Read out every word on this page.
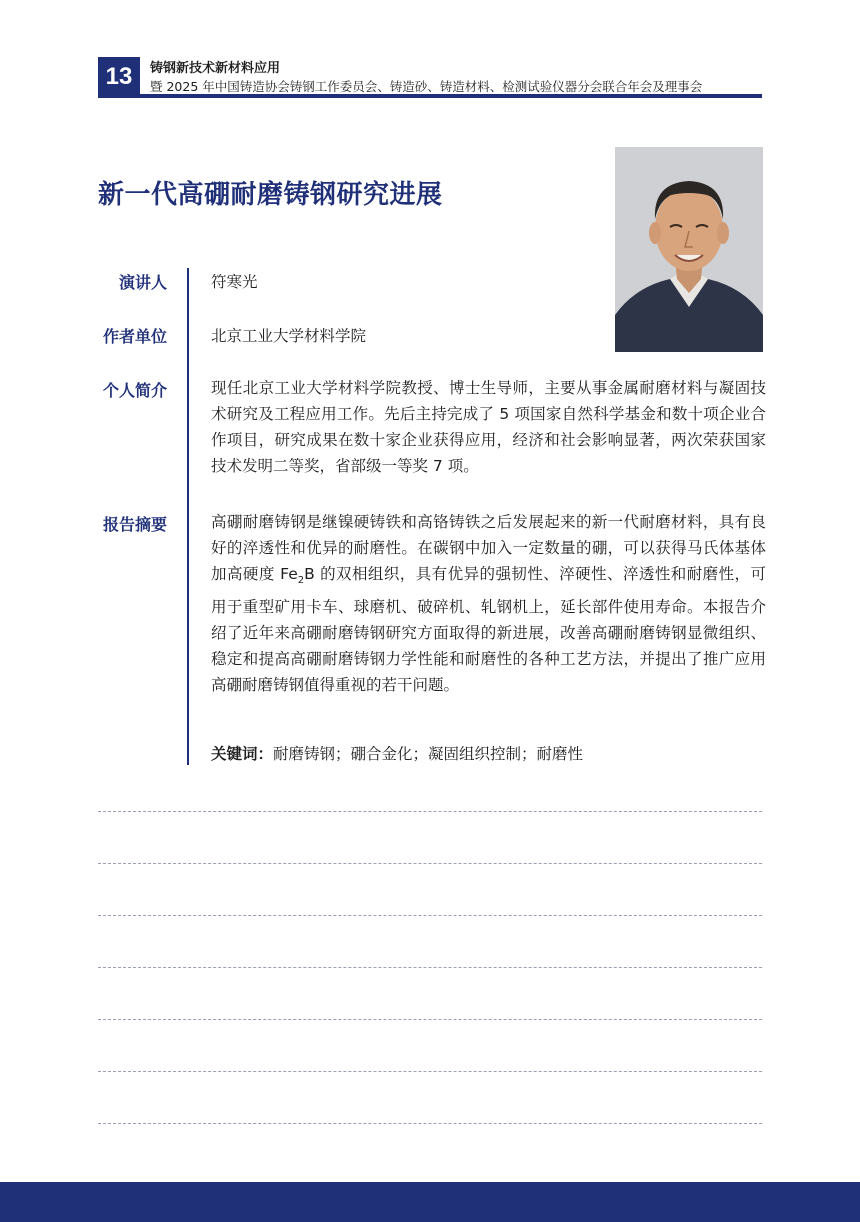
13	铸钢新技术新材料应用
暨 2025 年中国铸造协会铸钢工作委员会、铸造砂、铸造材料、检测试验仪器分会联合年会及理事会
新一代高硼耐磨铸钢研究进展
演讲人	符寒光
作者单位	北京工业大学材料学院
个人简介	现任北京工业大学材料学院教授、博士生导师，主要从事金属耐磨材料与凝固技术研究及工程应用工作。先后主持完成了 5 项国家自然科学基金和数十项企业合作项目，研究成果在数十家企业获得应用，经济和社会影响显著，两次荣获国家技术发明二等奖，省部级一等奖 7 项。
报告摘要	高硼耐磨铸钢是继镍硬铸铁和高铬铸铁之后发展起来的新一代耐磨材料，具有良好的淬透性和优异的耐磨性。在碳钢中加入一定数量的硼，可以获得马氏体基体加高硬度 $Fe_2B$ 的双相组织，具有优异的强韧性、淬硬性、淬透性和耐磨性，可用于重型矿用卡车、球磨机、破碎机、轧钢机上，延长部件使用寿命。本报告介绍了近年来高硼耐磨铸钢研究方面取得的新进展，改善高硼耐磨铸钢显微组织、稳定和提高高硼耐磨铸钢力学性能和耐磨性的各种工艺方法，并提出了推广应用高硼耐磨铸钢值得重视的若干问题。
关键词：耐磨铸钢；硼合金化；凝固组织控制；耐磨性
